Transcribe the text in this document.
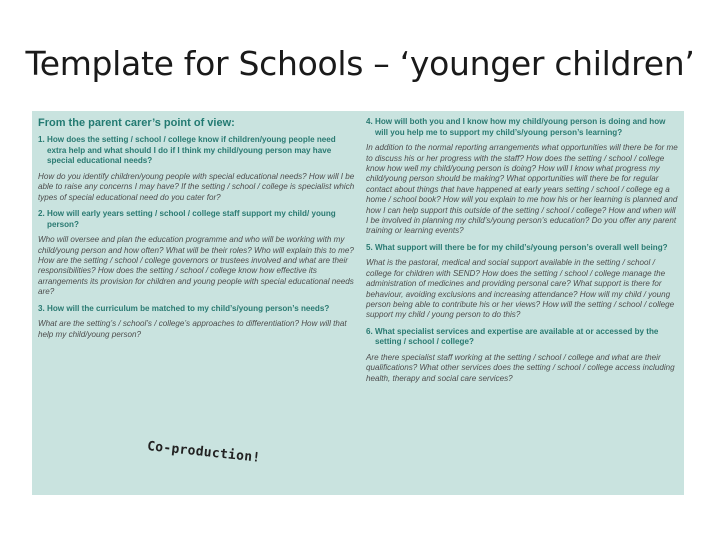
Template for Schools – ‘younger children’
From the parent carer’s point of view:
1. How does the setting / school / college know if children/young people need extra help and what should I do if I think my child/young person may have special educational needs?

How do you identify children/young people with special educational needs? How will I be able to raise any concerns I may have? If the setting / school / college is specialist which types of special educational need do you cater for?

2. How will early years setting / school / college staff support my child/ young person?

Who will oversee and plan the education programme and who will be working with my child/young person and how often? What will be their roles? Who will explain this to me? How are the setting / school / college governors or trustees involved and what are their responsibilities? How does the setting / school / college know how effective its arrangements its provision for children and young people with special educational needs are?

3. How will the curriculum be matched to my child’s/young person’s needs?

What are the setting’s / school’s / college’s approaches to differentiation? How will that help my child/young person?

4. How will both you and I know how my child/young person is doing and how will you help me to support my child’s/young person’s learning?

In addition to the normal reporting arrangements what opportunities will there be for me to discuss his or her progress with the staff? How does the setting / school / college know how well my child/young person is doing? How will I know what progress my child/young person should be making? What opportunities will there be for regular contact about things that have happened at early years setting / school / college eg a home / school book? How will you explain to me how his or her learning is planned and how I can help support this outside of the setting / school / college? How and when will I be involved in planning my child’s/young person’s education? Do you offer any parent training or learning events?

5. What support will there be for my child’s/young person’s overall well being?

What is the pastoral, medical and social support available in the setting / school / college for children with SEND? How does the setting / school / college manage the administration of medicines and providing personal care? What support is there for behaviour, avoiding exclusions and increasing attendance? How will my child / young person being able to contribute his or her views? How will the setting / school / college support my child / young person to do this?

6. What specialist services and expertise are available at or accessed by the setting / school / college?

Are there specialist staff working at the setting / school / college and what are their qualifications? What other services does the setting / school / college access including health, therapy and social care services?

Co-production!
